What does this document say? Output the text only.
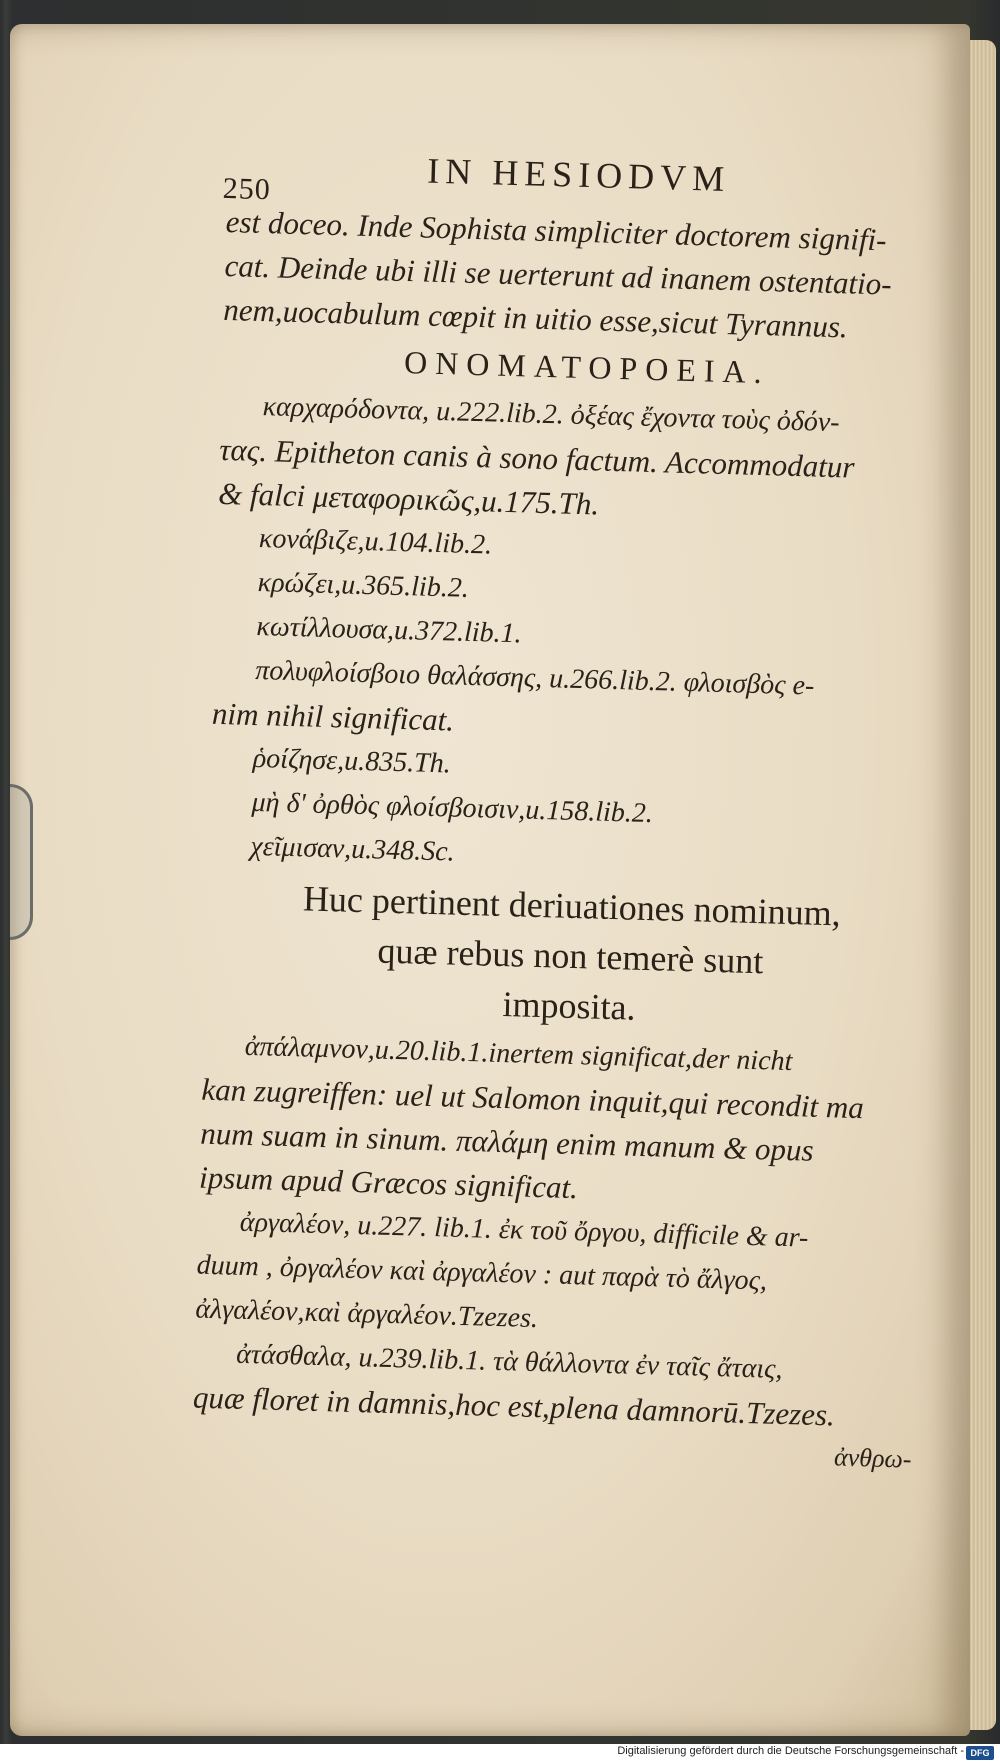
250	IN HESIODVM
est doceo. Inde Sophista simpliciter doctorem signifi-
cat. Deinde ubi illi se uerterunt ad inanem ostentatio-
nem,uocabulum cœpit in uitio esse,sicut Tyrannus.
ONOMATOPOEIA.
καρχαρόδοντα, u.222.lib.2. ὀξέας ἔχοντα τοὺς ὀδόν-
τας. Epitheton canis à sono factum. Accommodatur
& falci μεταφορικῶς,u.175.Th.
κονάβιζε,u.104.lib.2.
κρώζει,u.365.lib.2.
κωτίλλουσα,u.372.lib.1.
πολυφλοίσβοιο θαλάσσης, u.266.lib.2. φλοισβὸς e-
nim nihil significat.
ῥοίζησε,u.835.Th.
μὴ δ' ὀρθὸς φλοίσβοισιν,u.158.lib.2.
χεῖμισαν,u.348.Sc.
Huc pertinent deriuationes nominum,
quæ rebus non temerè sunt
imposita.
ἀπάλαμνον,u.20.lib.1.inertem significat,der nicht
kan zugreiffen: uel ut Salomon inquit,qui recondit ma
num suam in sinum. παλάμη enim manum & opus
ipsum apud Græcos significat.
ἀργαλέον, u.227. lib.1. ἐκ τοῦ ὄργου, difficile & ar-
duum , ὀργαλέον καὶ ἀργαλέον : aut παρὰ τὸ ἄλγος,
ἀλγαλέον,καὶ ἀργαλέον.Tzezes.
ἀτάσθαλα, u.239.lib.1. τὰ θάλλοντα ἐν ταῖς ἄταις,
quæ floret in damnis,hoc est,plena damnorū.Tzezes.
ἀνθρω-
Digitalisierung gefördert durch die Deutsche Forschungsgemeinschaft - DFG
